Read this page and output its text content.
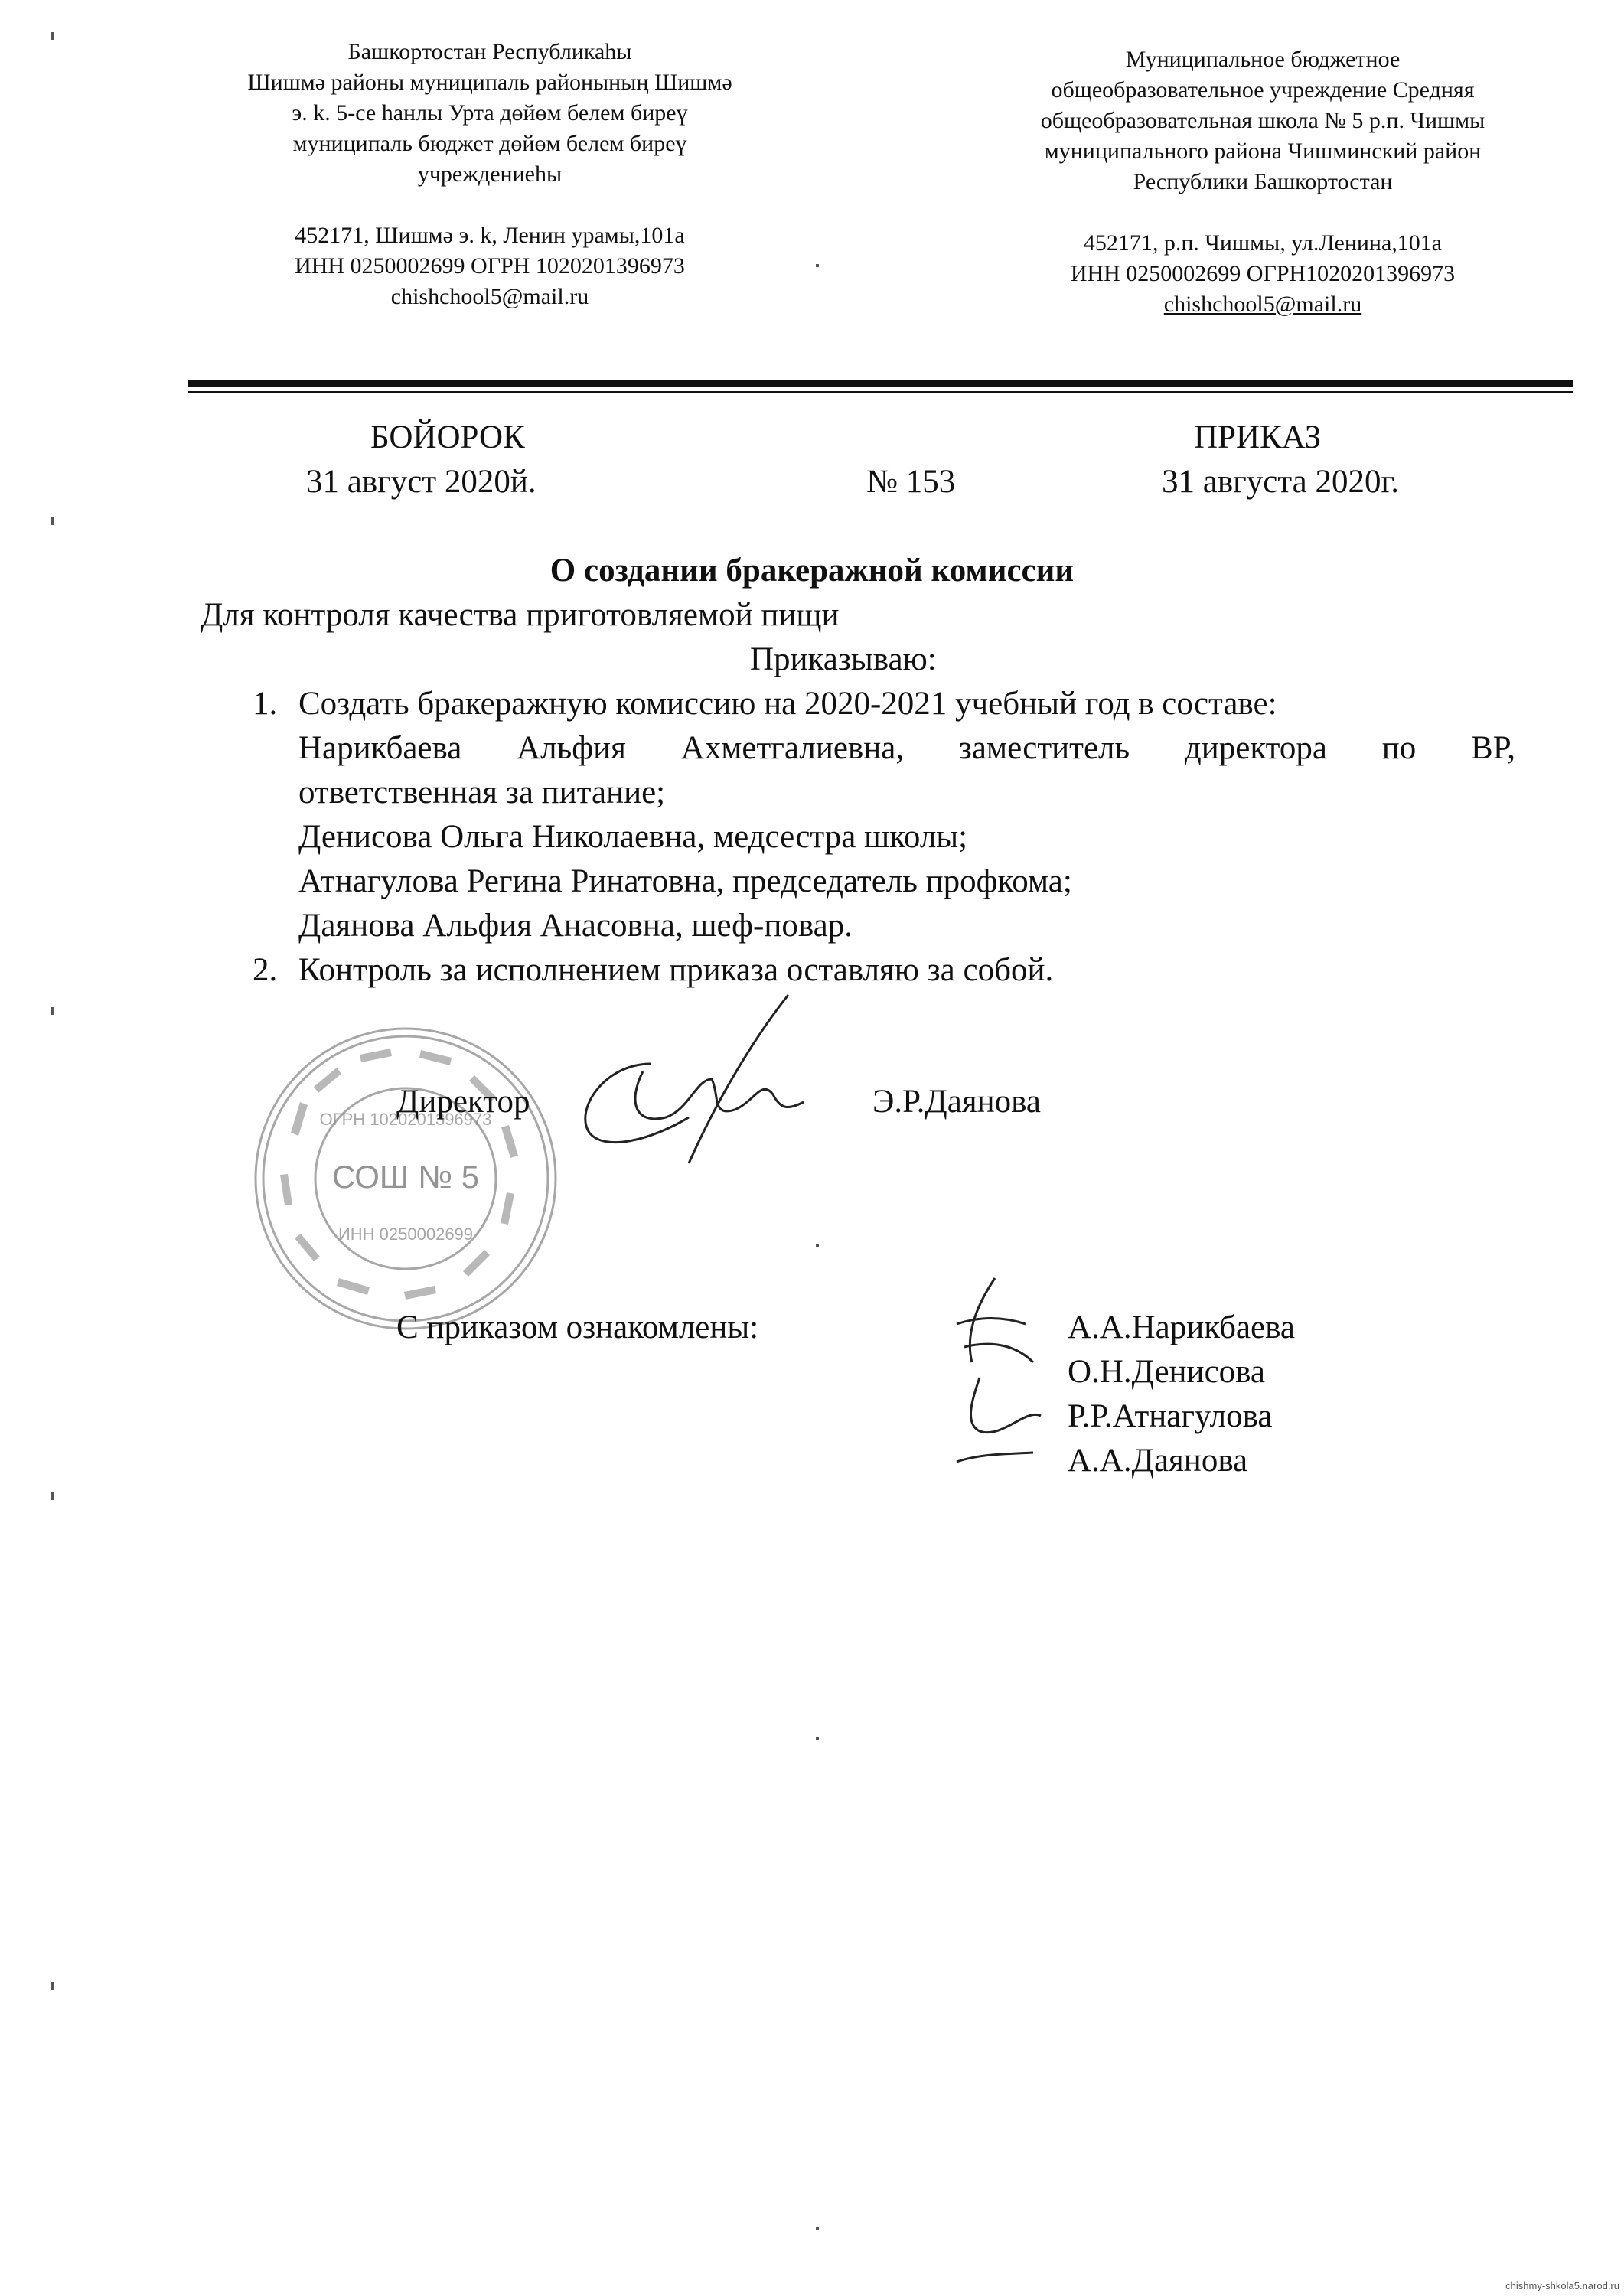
Башкортостан Республикаһы
Шишмә районы муниципаль районының Шишмә
э. k. 5-се һанлы Урта дөйөм белем биреү
муниципаль бюджет дөйөм белем биреү
учреждениеһы
452171, Шишмә э. k, Ленин урамы,101а
ИНН 0250002699 ОГРН 1020201396973
chishchool5@mail.ru
Муниципальное бюджетное
общеобразовательное учреждение Средняя
общеобразовательная школа № 5 р.п. Чишмы
муниципального района Чишминский район
Республики Башкортостан
452171, р.п. Чишмы, ул.Ленина,101а
ИНН 0250002699 ОГРН1020201396973
chishchool5@mail.ru
БОЙОРОК	ПРИКАЗ
31 август 2020й.	№ 153	31 августа 2020г.
О создании бракеражной комиссии
Для контроля качества приготовляемой пищи
Приказываю:
1. Создать бракеражную комиссию на 2020-2021 учебный год в составе:
Нарикбаева Альфия Ахметгалиевна, заместитель директора по ВР,
ответственная за питание;
Денисова Ольга Николаевна, медсестра школы;
Атнагулова Регина Ринатовна, председатель профкома;
Даянова Альфия Анасовна, шеф-повар.
2. Контроль за исполнением приказа оставляю за собой.
ОГРН 1020201396973
СОШ № 5
ИНН 0250002699
Директор	Э.Р.Даянова
С приказом ознакомлены:	А.А.Нарикбаева
О.Н.Денисова
Р.Р.Атнагулова
А.А.Даянова
chishmy-shkola5.narod.ru
